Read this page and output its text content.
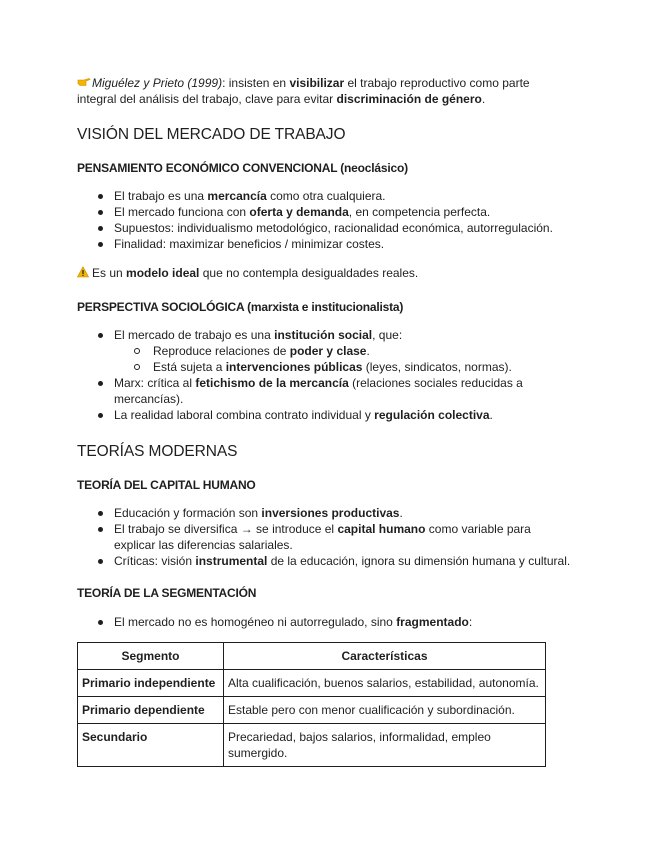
Miguélez y Prieto (1999): insisten en visibilizar el trabajo reproductivo como parte integral del análisis del trabajo, clave para evitar discriminación de género.

VISIÓN DEL MERCADO DE TRABAJO

PENSAMIENTO ECONÓMICO CONVENCIONAL (neoclásico)

El trabajo es una mercancía como otra cualquiera.
El mercado funciona con oferta y demanda, en competencia perfecta.
Supuestos: individualismo metodológico, racionalidad económica, autorregulación.
Finalidad: maximizar beneficios / minimizar costes.

Es un modelo ideal que no contempla desigualdades reales.

PERSPECTIVA SOCIOLÓGICA (marxista e institucionalista)

El mercado de trabajo es una institución social, que:
Reproduce relaciones de poder y clase.
Está sujeta a intervenciones públicas (leyes, sindicatos, normas).
Marx: crítica al fetichismo de la mercancía (relaciones sociales reducidas a mercancías).
La realidad laboral combina contrato individual y regulación colectiva.

TEORÍAS MODERNAS

TEORÍA DEL CAPITAL HUMANO

Educación y formación son inversiones productivas.
El trabajo se diversifica → se introduce el capital humano como variable para explicar las diferencias salariales.
Críticas: visión instrumental de la educación, ignora su dimensión humana y cultural.

TEORÍA DE LA SEGMENTACIÓN

El mercado no es homogéneo ni autorregulado, sino fragmentado:
Segmento	Características
Primario independiente	Alta cualificación, buenos salarios, estabilidad, autonomía.
Primario dependiente	Estable pero con menor cualificación y subordinación.
Secundario	Precariedad, bajos salarios, informalidad, empleo sumergido.
